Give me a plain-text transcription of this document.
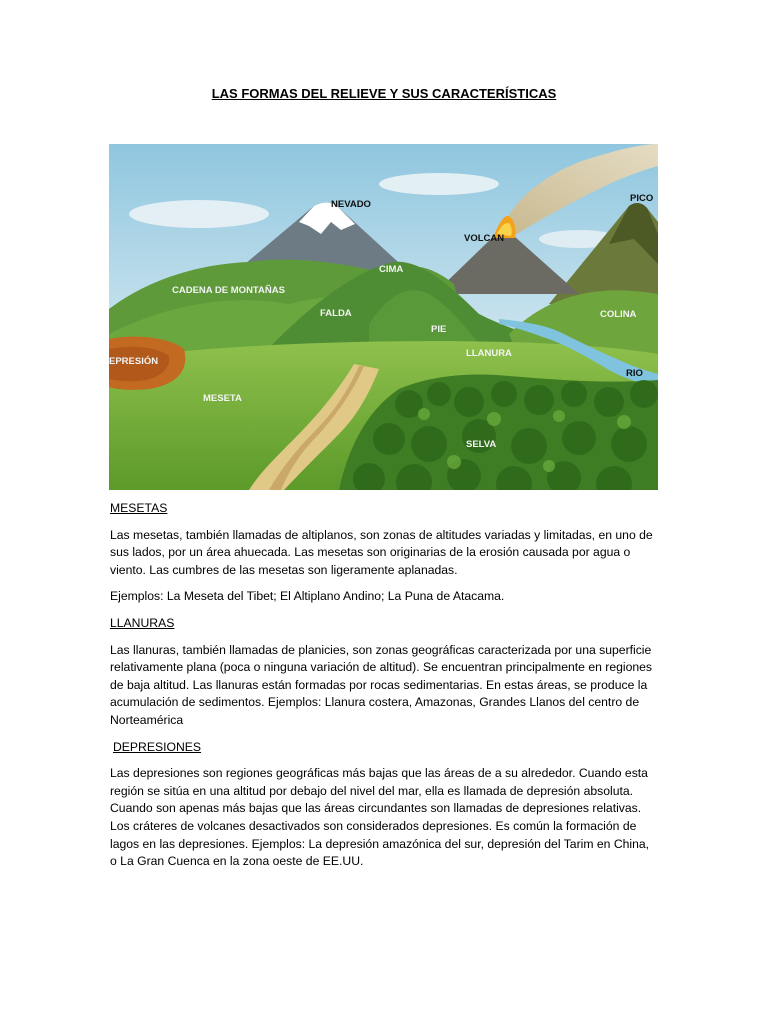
LAS FORMAS DEL RELIEVE Y SUS CARACTERÍSTICAS
NEVADO
PICO
VOLCAN
CIMA
CADENA DE MONTAÑAS
FALDA	COLINA
PIE
EPRESIÓN
LLANURA
RIO
MESETA
SELVA
MESETAS
Las mesetas, también llamadas de altiplanos, son zonas de altitudes variadas y limitadas, en uno de sus lados, por un área ahuecada. Las mesetas son originarias de la erosión causada por agua o viento. Las cumbres de las mesetas son ligeramente aplanadas.
Ejemplos: La Meseta del Tibet; El Altiplano Andino; La Puna de Atacama.
LLANURAS
Las llanuras, también llamadas de planicies, son zonas geográficas caracterizada por una superficie relativamente plana (poca o ninguna variación de altitud). Se encuentran principalmente en regiones de baja altitud. Las llanuras están formadas por rocas sedimentarias. En estas áreas, se produce la acumulación de sedimentos. Ejemplos: Llanura costera, Amazonas, Grandes Llanos del centro de Norteamérica
DEPRESIONES
Las depresiones son regiones geográficas más bajas que las áreas de a su alrededor. Cuando esta región se sitúa en una altitud por debajo del nivel del mar, ella es llamada de depresión absoluta. Cuando son apenas más bajas que las áreas circundantes son llamadas de depresiones relativas. Los cráteres de volcanes desactivados son considerados depresiones. Es común la formación de lagos en las depresiones. Ejemplos: La depresión amazónica del sur, depresión del Tarim en China, o La Gran Cuenca en la zona oeste de EE.UU.
